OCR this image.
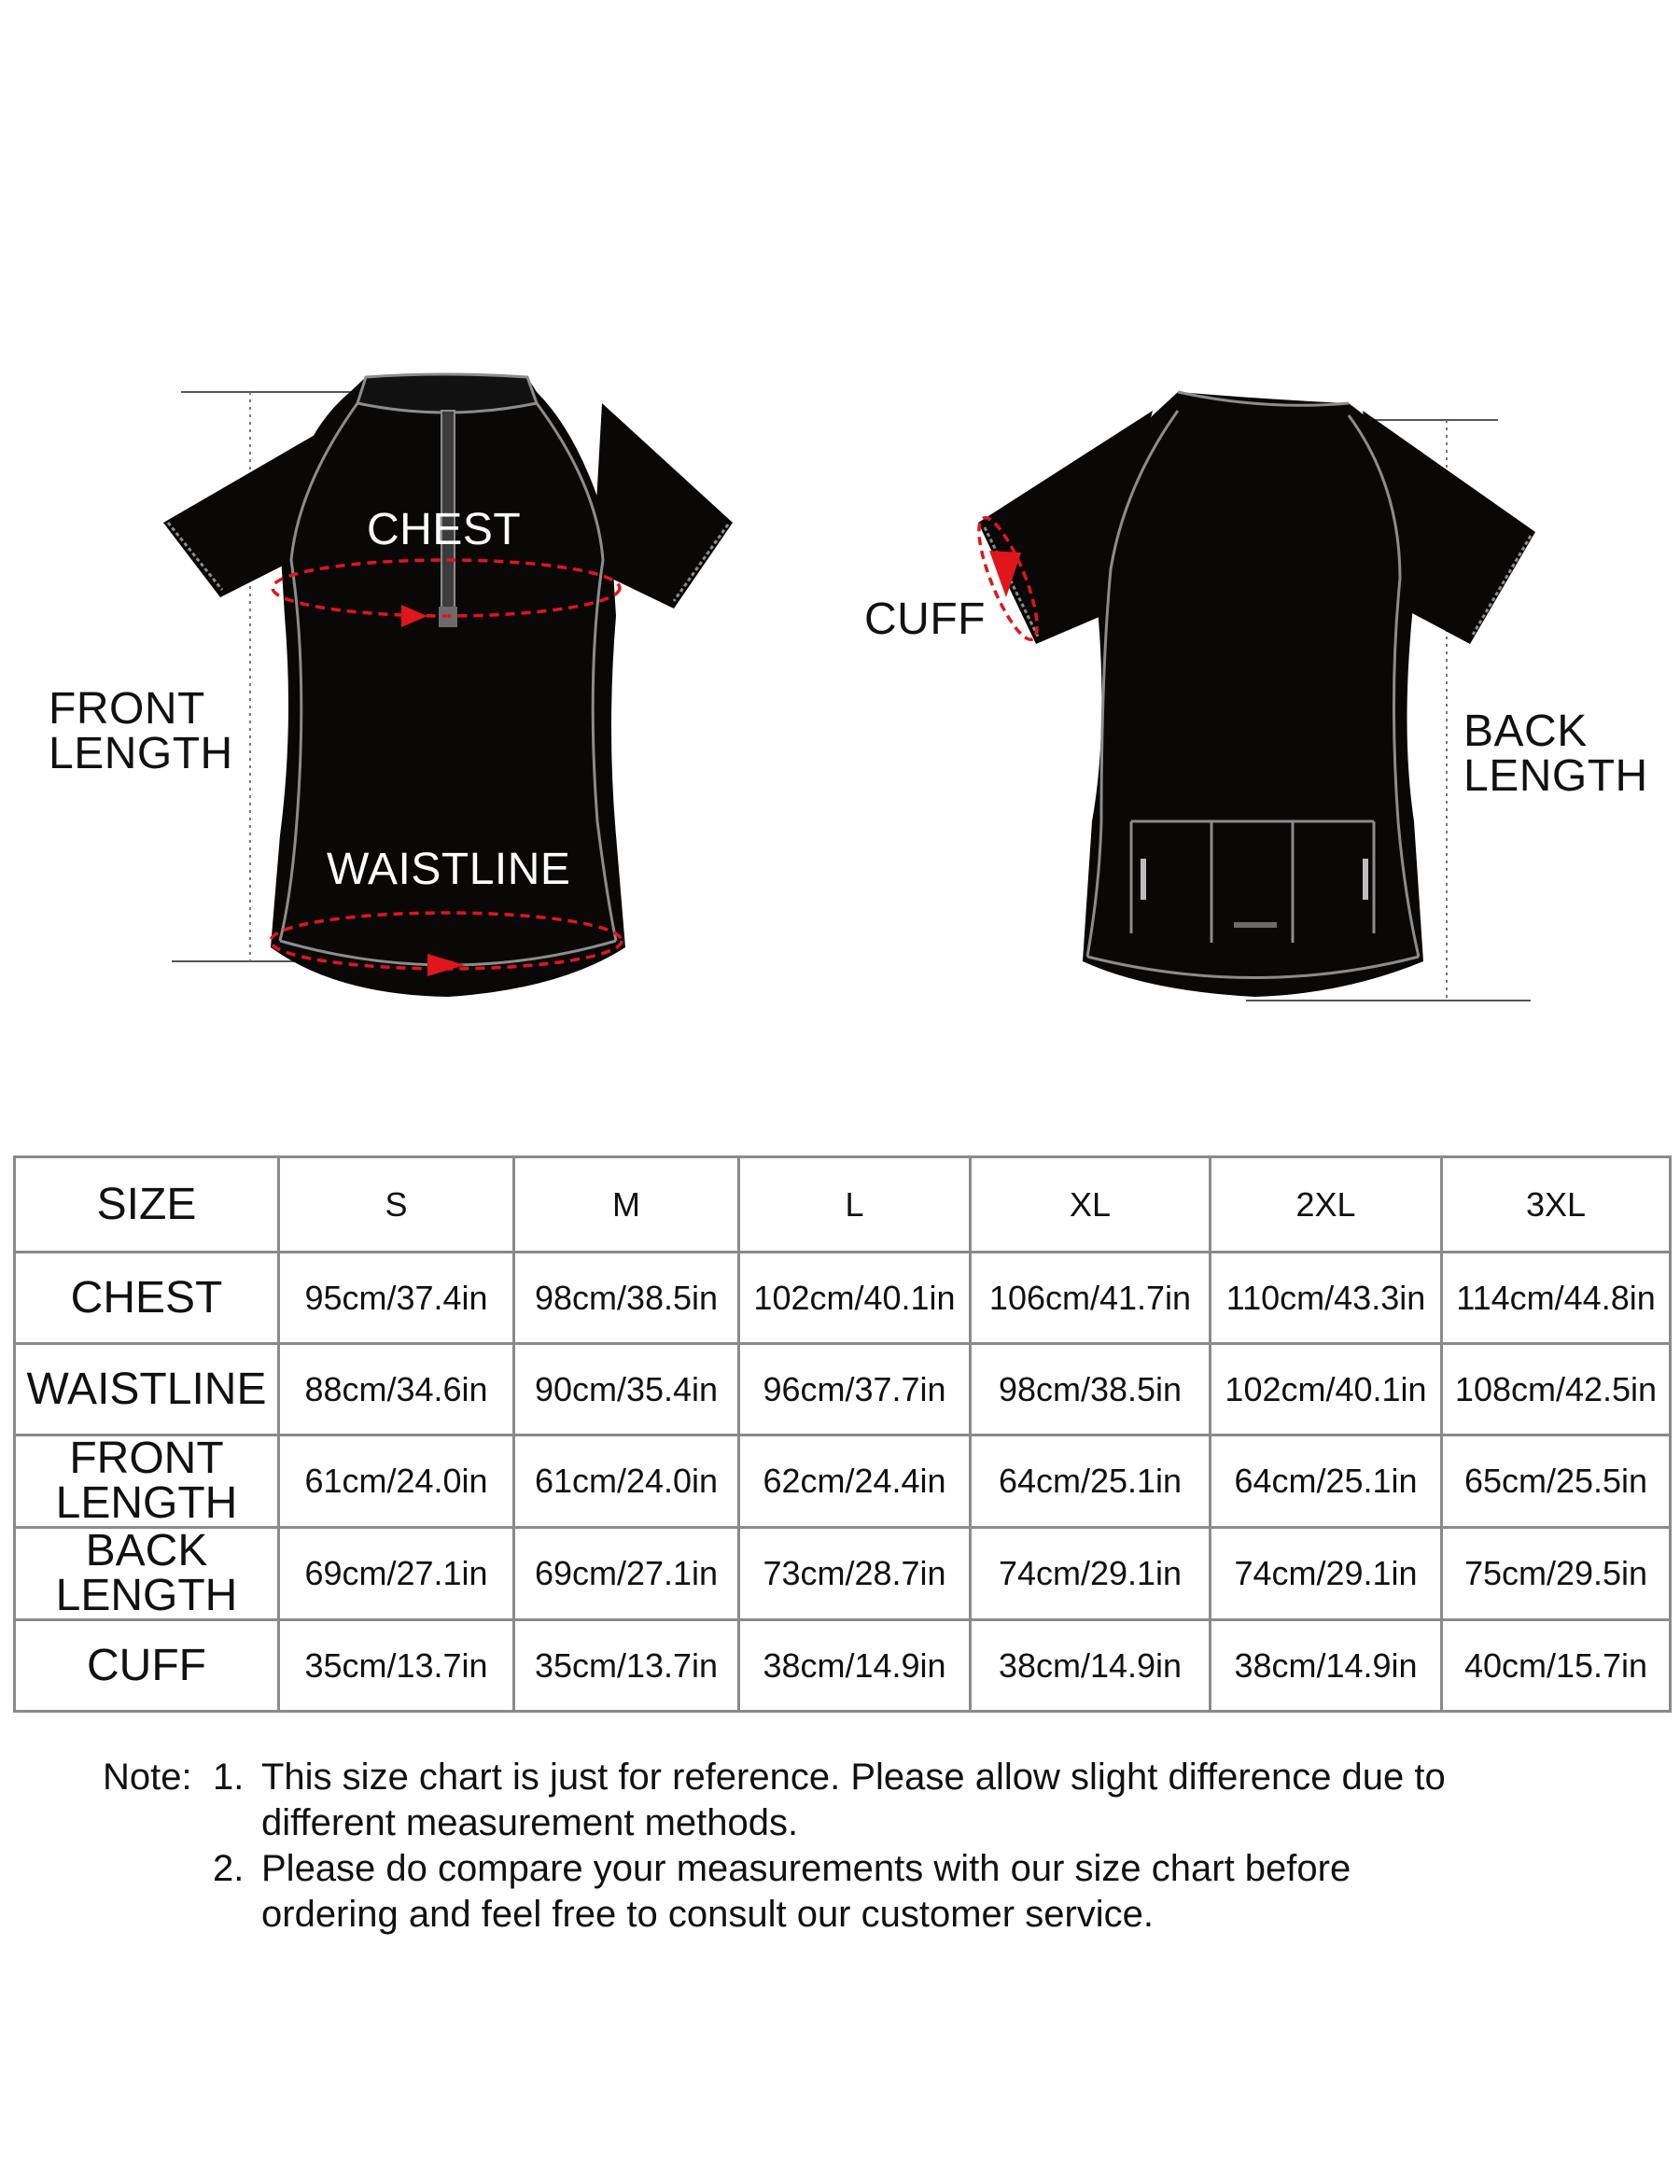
CHEST
WAISTLINE
FRONT
LENGTH
CUFF
BACK
LENGTH
SIZE	S	M	L	XL	2XL	3XL

CHEST	95cm/37.4in	98cm/38.5in	102cm/40.1in	106cm/41.7in	110cm/43.3in	114cm/44.8in

WAISTLINE	88cm/34.6in	90cm/35.4in	96cm/37.7in	98cm/38.5in	102cm/40.1in	108cm/42.5in

FRONT
LENGTH	61cm/24.0in	61cm/24.0in	62cm/24.4in	64cm/25.1in	64cm/25.1in	65cm/25.5in

BACK
LENGTH	69cm/27.1in	69cm/27.1in	73cm/28.7in	74cm/29.1in	74cm/29.1in	75cm/29.5in

CUFF	35cm/13.7in	35cm/13.7in	38cm/14.9in	38cm/14.9in	38cm/14.9in	40cm/15.7in
Note: 1. This size chart is just for reference. Please allow slight difference due to
different measurement methods.
2. Please do compare your measurements with our size chart before
ordering and feel free to consult our customer service.
